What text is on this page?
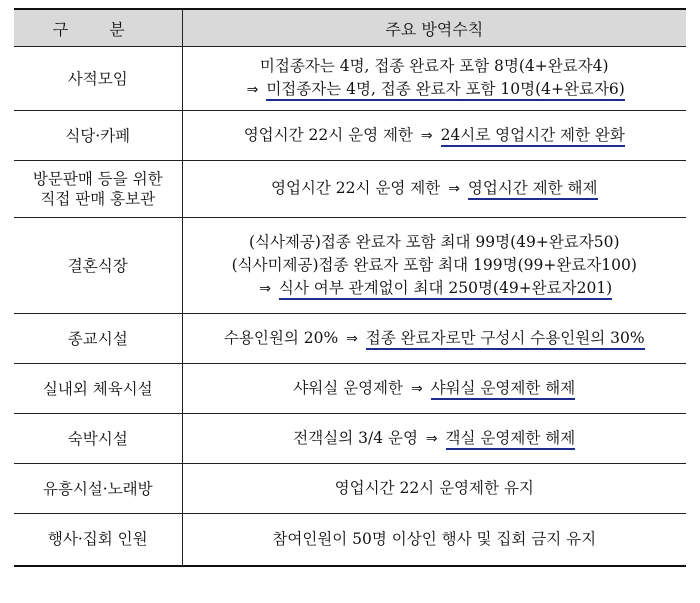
구 분	주요 방역수칙
사적모임	미접종자는 4명, 접종 완료자 포함 8명(4+완료자4)
⇒ 미접종자는 4명, 접종 완료자 포함 10명(4+완료자6)

식당·카페	영업시간 22시 운영 제한 ⇒ 24시로 영업시간 제한 완화

방문판매 등을 위한
직접 판매 홍보관	영업시간 22시 운영 제한 ⇒ 영업시간 제한 해제

결혼식장	(식사제공)접종 완료자 포함 최대 99명(49+완료자50)
(식사미제공)접종 완료자 포함 최대 199명(99+완료자100)
⇒ 식사 여부 관계없이 최대 250명(49+완료자201)

종교시설	수용인원의 20% ⇒ 접종 완료자로만 구성시 수용인원의 30%

실내외 체육시설	샤워실 운영제한 ⇒ 샤워실 운영제한 해제

숙박시설	전객실의 3/4 운영 ⇒ 객실 운영제한 해제

유흥시설·노래방	영업시간 22시 운영제한 유지

행사·집회 인원	참여인원이 50명 이상인 행사 및 집회 금지 유지
